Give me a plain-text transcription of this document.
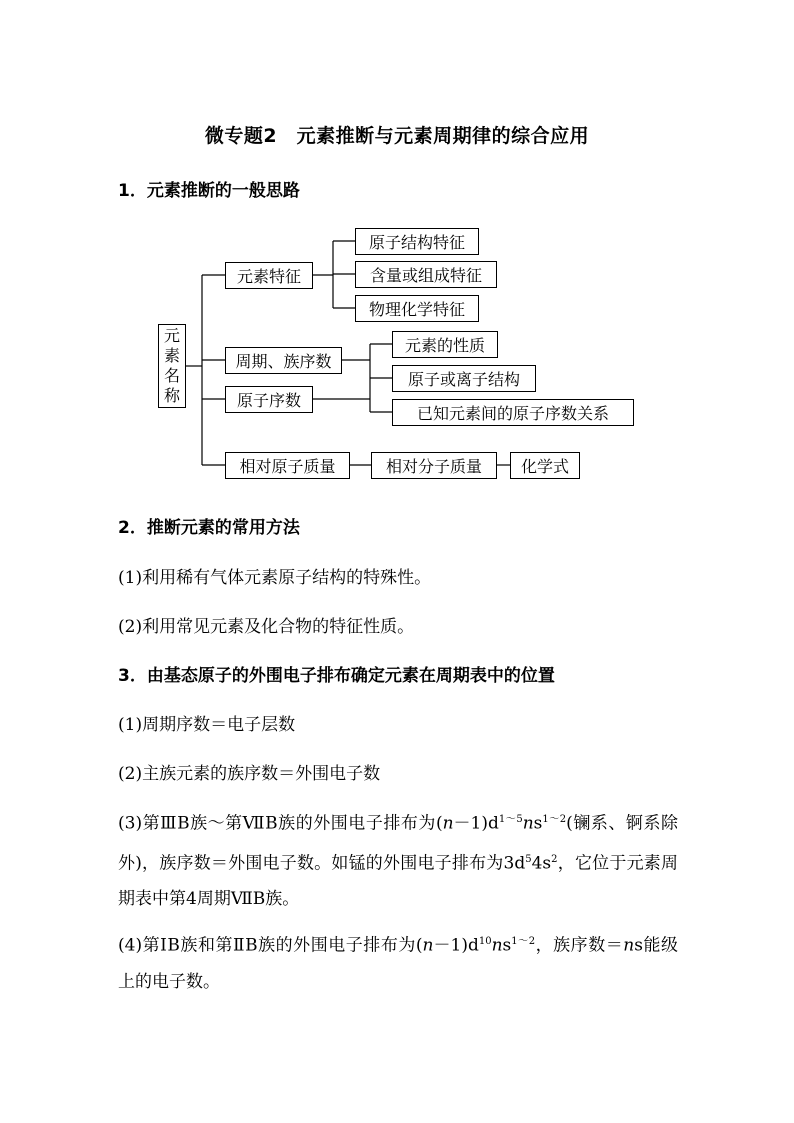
微专题2　元素推断与元素周期律的综合应用
1．元素推断的一般思路
元
素
名
称
元素特征
原子结构特征
含量或组成特征
物理化学特征
周期、族序数
元素的性质
原子或离子结构
原子序数
已知元素间的原子序数关系
相对原子质量	相对分子质量	化学式
2．推断元素的常用方法
(1)利用稀有气体元素原子结构的特殊性。
(2)利用常见元素及化合物的特征性质。
3．由基态原子的外围电子排布确定元素在周期表中的位置
(1)周期序数＝电子层数
(2)主族元素的族序数＝外围电子数
(3)第ⅢB族～第ⅦB族的外围电子排布为$(n-1)d^{1\sim 5}ns^{1\sim 2}$(镧系、锕系除外)，族序数＝外围电子数。如锰的外围电子排布为$3d^54s^2$，它位于元素周期表中第4周期ⅦB族。
(4)第ⅠB族和第ⅡB族的外围电子排布为$(n-1)d^{10}ns^{1\sim 2}$，族序数＝ns能级上的电子数。
